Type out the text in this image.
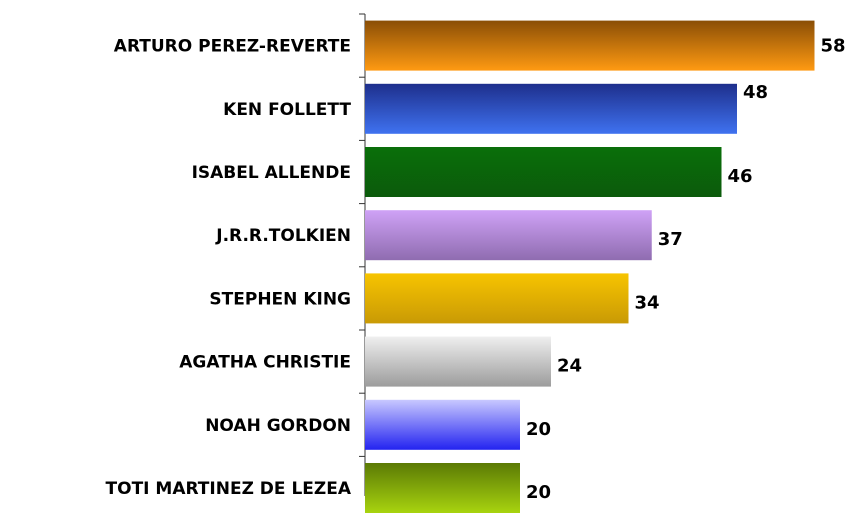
ARTURO PEREZ-REVERTE
KEN FOLLETT
ISABEL ALLENDE
J.R.R.TOLKIEN
STEPHEN KING
AGATHA CHRISTIE
NOAH GORDON
TOTI MARTINEZ DE LEZEA
58
48
46
37
34
24
20
20
